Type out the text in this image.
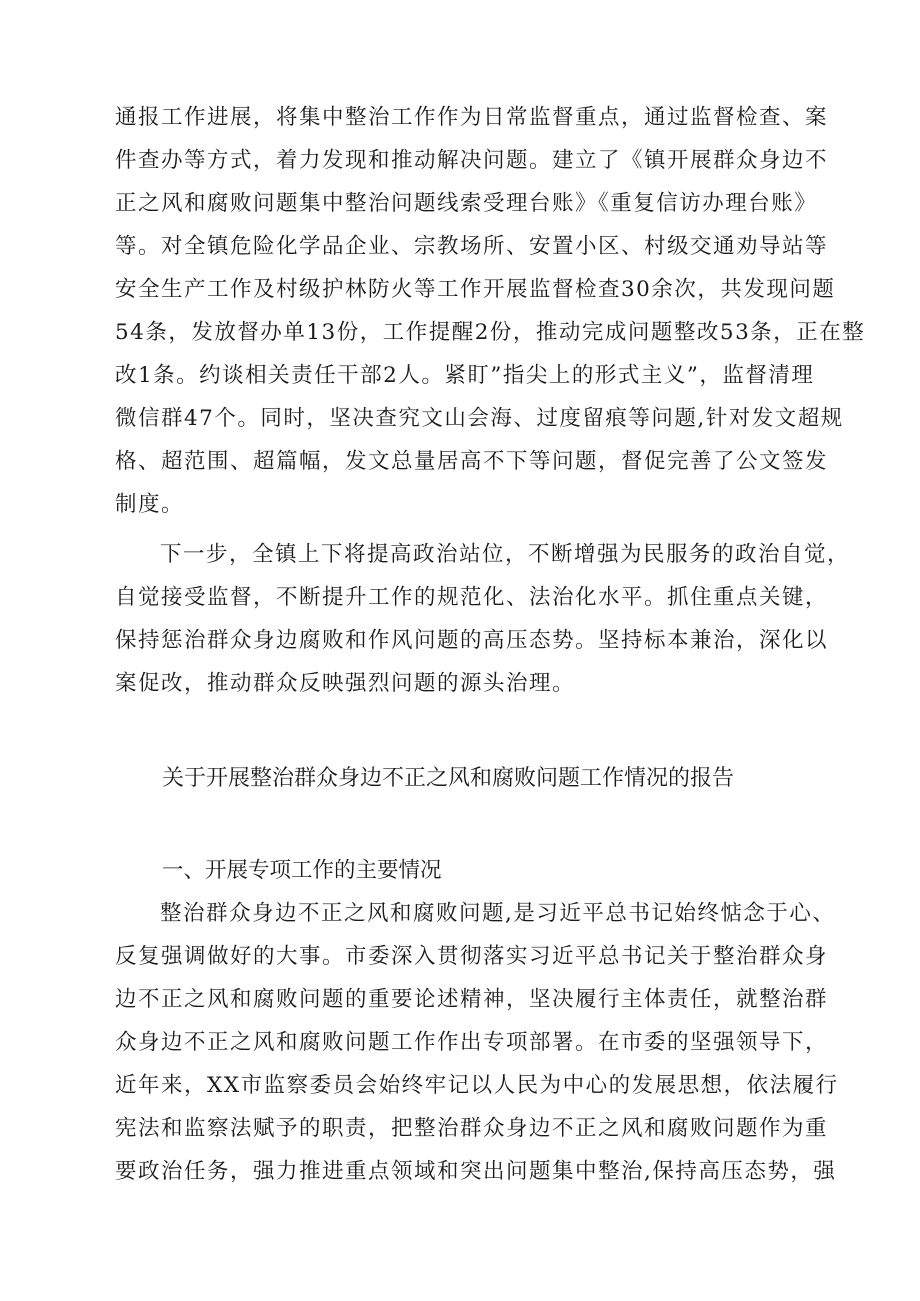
通报工作进展，将集中整治工作作为日常监督重点，通过监督检查、案
件查办等方式，着力发现和推动解决问题。建立了《镇开展群众身边不
正之风和腐败问题集中整治问题线索受理台账》《重复信访办理台账》
等。对全镇危险化学品企业、宗教场所、安置小区、村级交通劝导站等
安全生产工作及村级护林防火等工作开展监督检查30余次，共发现问题
54条，发放督办单13份，工作提醒2份，推动完成问题整改53条，正在整
改1条。约谈相关责任干部2人。紧盯”指尖上的形式主义”，监督清理
微信群47个。同时，坚决查究文山会海、过度留痕等问题,针对发文超规
格、超范围、超篇幅，发文总量居高不下等问题，督促完善了公文签发
制度。
下一步，全镇上下将提高政治站位，不断增强为民服务的政治自觉，
自觉接受监督，不断提升工作的规范化、法治化水平。抓住重点关键，
保持惩治群众身边腐败和作风问题的高压态势。坚持标本兼治，深化以
案促改，推动群众反映强烈问题的源头治理。
关于开展整治群众身边不正之风和腐败问题工作情况的报告
一、开展专项工作的主要情况
整治群众身边不正之风和腐败问题,是习近平总书记始终惦念于心、
反复强调做好的大事。市委深入贯彻落实习近平总书记关于整治群众身
边不正之风和腐败问题的重要论述精神，坚决履行主体责任，就整治群
众身边不正之风和腐败问题工作作出专项部署。在市委的坚强领导下，
近年来，XX市监察委员会始终牢记以人民为中心的发展思想，依法履行
宪法和监察法赋予的职责，把整治群众身边不正之风和腐败问题作为重
要政治任务，强力推进重点领域和突出问题集中整治,保持高压态势，强
